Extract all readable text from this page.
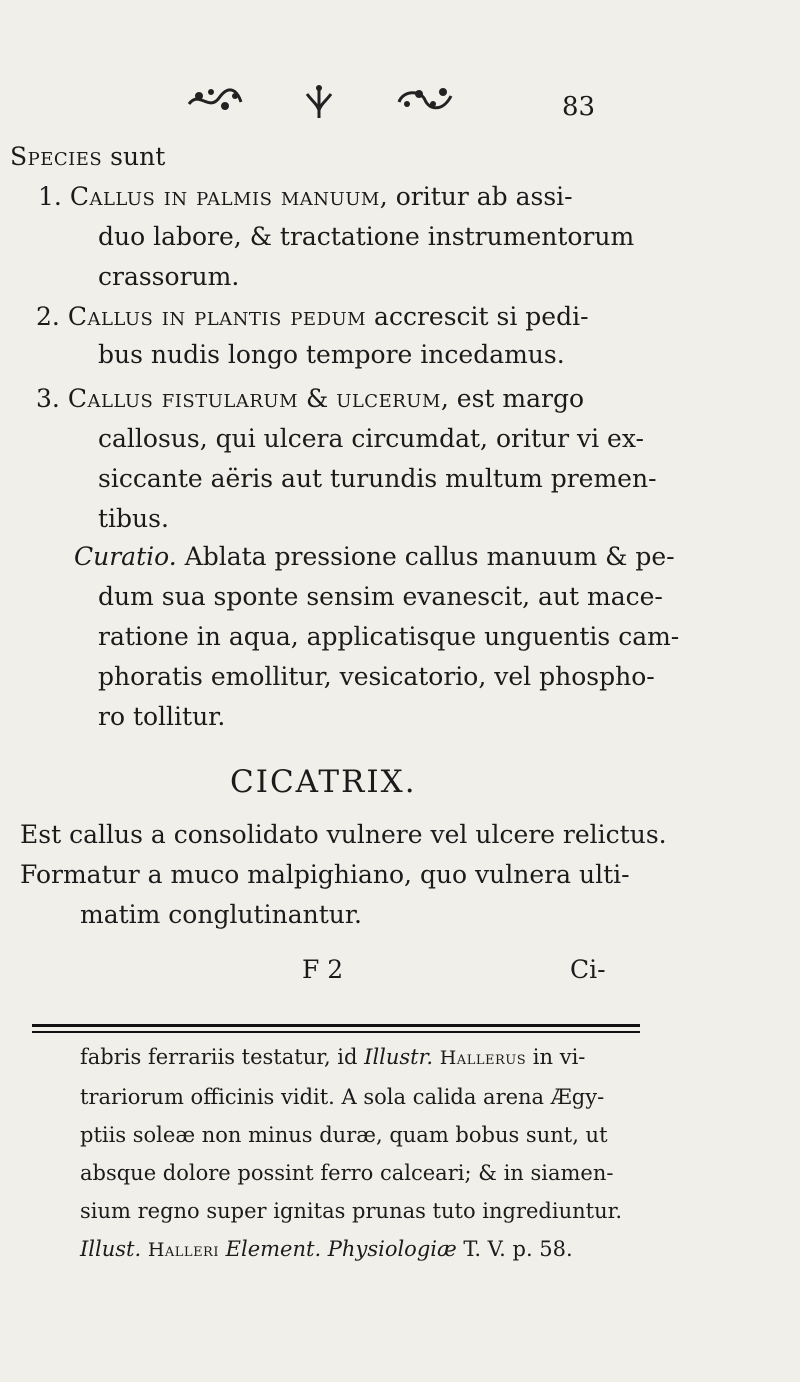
83
Species sunt
1. Callus in palmis manuum, oritur ab assi-
duo labore, & tractatione instrumentorum
crassorum.
2. Callus in plantis pedum accrescit si pedi-
bus nudis longo tempore incedamus.
3. Callus fistularum & ulcerum, est margo
callosus, qui ulcera circumdat, oritur vi ex-
siccante aëris aut turundis multum premen-
tibus.
Curatio. Ablata pressione callus manuum & pe-
dum sua sponte sensim evanescit, aut mace-
ratione in aqua, applicatisque unguentis cam-
phoratis emollitur, vesicatorio, vel phospho-
ro tollitur.
CICATRIX.
Est callus a consolidato vulnere vel ulcere relictus.
Formatur a muco malpighiano, quo vulnera ulti-
matim conglutinantur.
F 2	Ci-
fabris ferrariis testatur, id Illustr. Hallerus in vi-
trariorum officinis vidit. A sola calida arena Ægy-
ptiis soleæ non minus duræ, quam bobus sunt, ut
absque dolore possint ferro calceari; & in siamen-
sium regno super ignitas prunas tuto ingrediuntur.
Illust. Halleri Element. Physiologiæ T. V. p. 58.
